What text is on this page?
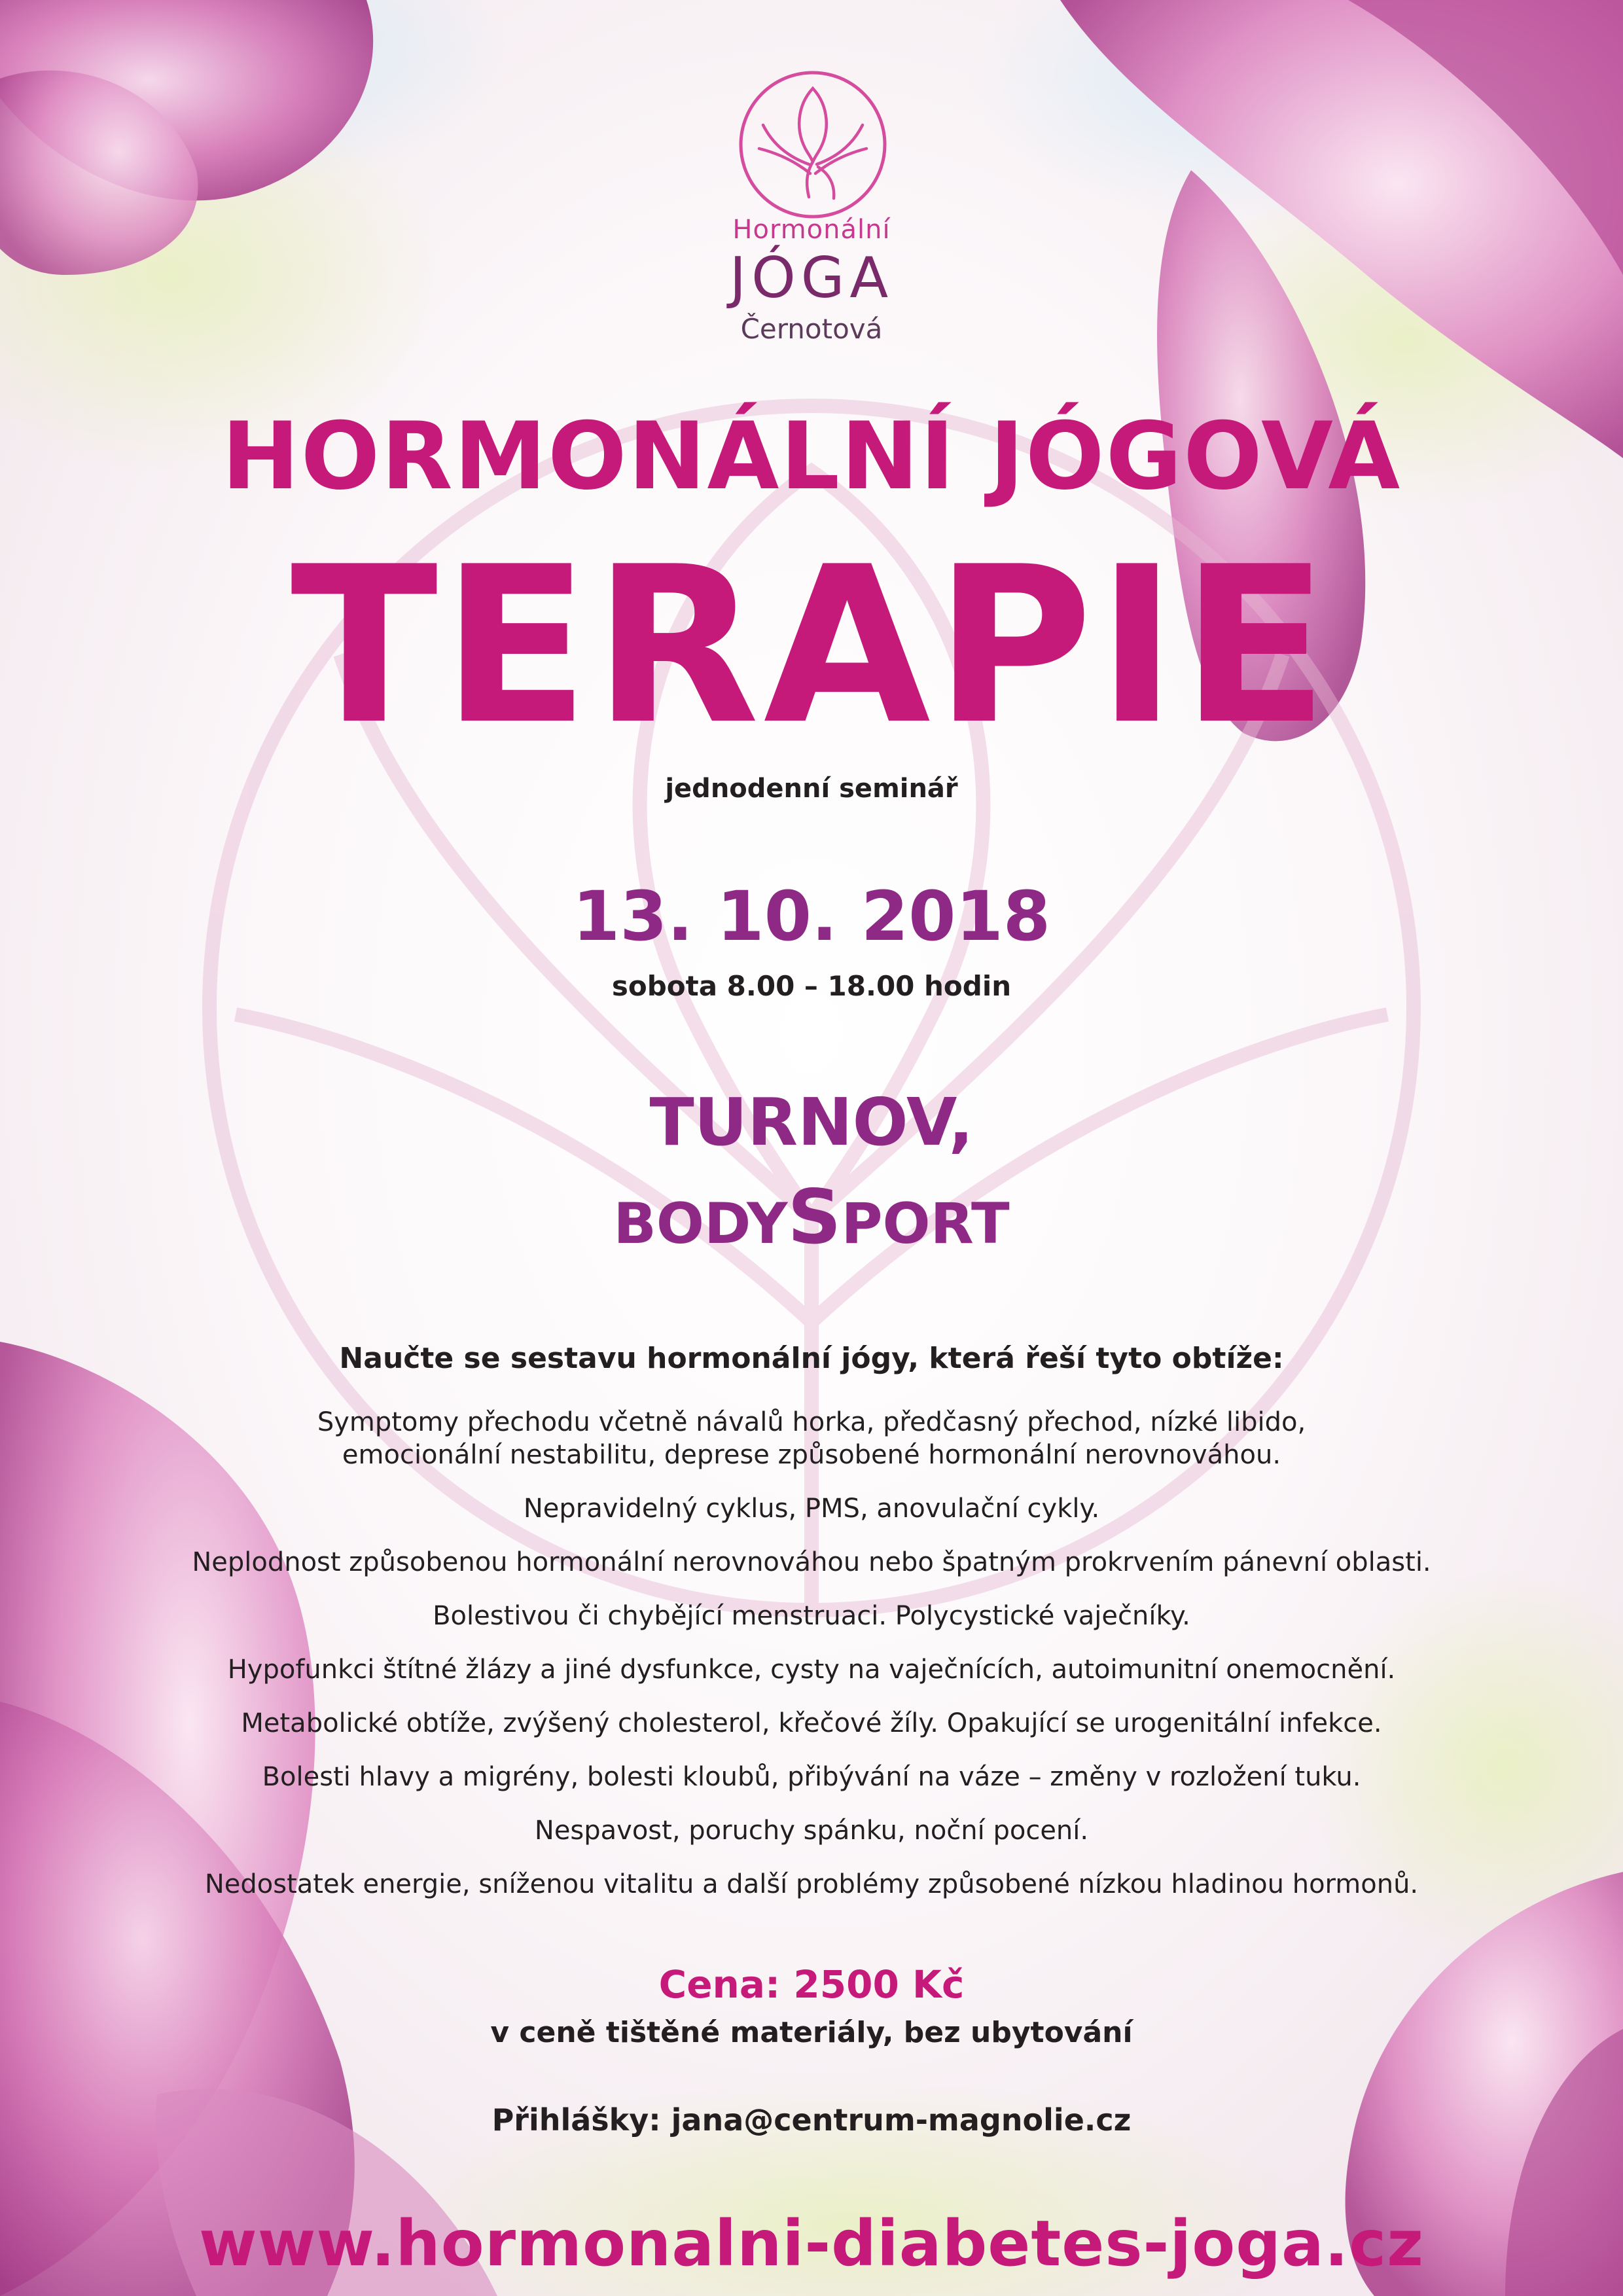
Hormonální
JÓGA
Černotová
HORMONÁLNÍ JÓGOVÁ
TERAPIE
jednodenní seminář
13. 10. 2018
sobota 8.00 – 18.00 hodin
TURNOV,
BODYSPORT
Naučte se sestavu hormonální jógy, která řeší tyto obtíže:

Symptomy přechodu včetně návalů horka, předčasný přechod, nízké libido,
emocionální nestabilitu, deprese způsobené hormonální nerovnováhou.

Nepravidelný cyklus, PMS, anovulační cykly.

Neplodnost způsobenou hormonální nerovnováhou nebo špatným prokrvením pánevní oblasti.

Bolestivou či chybějící menstruaci. Polycystické vaječníky.

Hypofunkci štítné žlázy a jiné dysfunkce, cysty na vaječnících, autoimunitní onemocnění.

Metabolické obtíže, zvýšený cholesterol, křečové žíly. Opakující se urogenitální infekce.

Bolesti hlavy a migrény, bolesti kloubů, přibývání na váze – změny v rozložení tuku.

Nespavost, poruchy spánku, noční pocení.

Nedostatek energie, sníženou vitalitu a další problémy způsobené nízkou hladinou hormonů.

Cena: 2500 Kč
v ceně tištěné materiály, bez ubytování
Přihlášky: jana@centrum-magnolie.cz
www.hormonalni-diabetes-joga.cz
